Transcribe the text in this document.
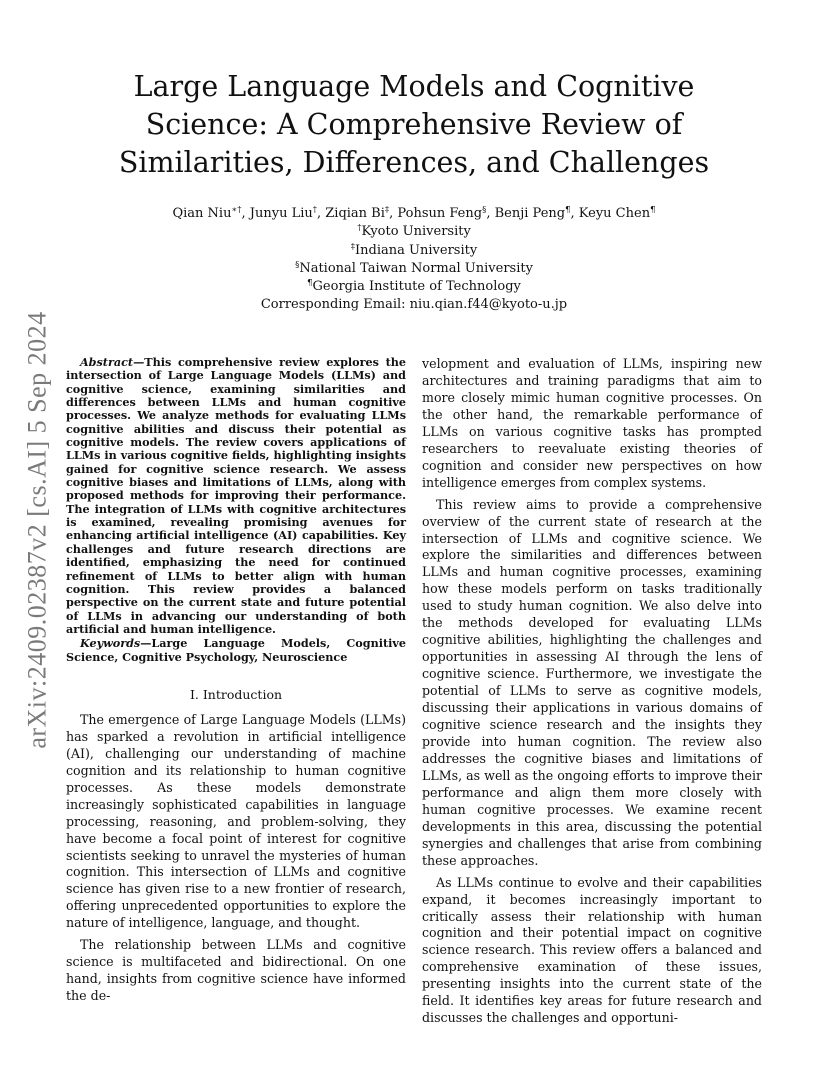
arXiv:2409.02387v2 [cs.AI] 5 Sep 2024
Large Language Models and Cognitive
Science: A Comprehensive Review of
Similarities, Differences, and Challenges
Qian Niu∗†, Junyu Liu†, Ziqian Bi‡, Pohsun Feng§, Benji Peng¶, Keyu Chen¶
†Kyoto University
‡Indiana University
§National Taiwan Normal University
¶Georgia Institute of Technology
Corresponding Email: niu.qian.f44@kyoto-u.jp

Abstract—This comprehensive review explores the intersection of Large Language Models (LLMs) and cognitive science, examining similarities and differences between LLMs and human cognitive processes. We analyze methods for evaluating LLMs cognitive abilities and discuss their potential as cognitive models. The review covers applications of LLMs in various cognitive fields, highlighting insights gained for cognitive science research. We assess cognitive biases and limitations of LLMs, along with proposed methods for improving their performance. The integration of LLMs with cognitive architectures is examined, revealing promising avenues for enhancing artificial intelligence (AI) capabilities. Key challenges and future research directions are identified, emphasizing the need for continued refinement of LLMs to better align with human cognition. This review provides a balanced perspective on the current state and future potential of LLMs in advancing our understanding of both artificial and human intelligence.

Keywords—Large Language Models, Cognitive Science, Cognitive Psychology, Neuroscience

I. Introduction

The emergence of Large Language Models (LLMs) has sparked a revolution in artificial intelligence (AI), challenging our understanding of machine cognition and its relationship to human cognitive processes. As these models demonstrate increasingly sophisticated capabilities in language processing, reasoning, and problem-solving, they have become a focal point of interest for cognitive scientists seeking to unravel the mysteries of human cognition. This intersection of LLMs and cognitive science has given rise to a new frontier of research, offering unprecedented opportunities to explore the nature of intelligence, language, and thought.

The relationship between LLMs and cognitive science is multifaceted and bidirectional. On one hand, insights from cognitive science have informed the de-

velopment and evaluation of LLMs, inspiring new architectures and training paradigms that aim to more closely mimic human cognitive processes. On the other hand, the remarkable performance of LLMs on various cognitive tasks has prompted researchers to reevaluate existing theories of cognition and consider new perspectives on how intelligence emerges from complex systems.

This review aims to provide a comprehensive overview of the current state of research at the intersection of LLMs and cognitive science. We explore the similarities and differences between LLMs and human cognitive processes, examining how these models perform on tasks traditionally used to study human cognition. We also delve into the methods developed for evaluating LLMs cognitive abilities, highlighting the challenges and opportunities in assessing AI through the lens of cognitive science. Furthermore, we investigate the potential of LLMs to serve as cognitive models, discussing their applications in various domains of cognitive science research and the insights they provide into human cognition. The review also addresses the cognitive biases and limitations of LLMs, as well as the ongoing efforts to improve their performance and align them more closely with human cognitive processes. We examine recent developments in this area, discussing the potential synergies and challenges that arise from combining these approaches.

As LLMs continue to evolve and their capabilities expand, it becomes increasingly important to critically assess their relationship with human cognition and their potential impact on cognitive science research. This review offers a balanced and comprehensive examination of these issues, presenting insights into the current state of the field. It identifies key areas for future research and discusses the challenges and opportuni-
